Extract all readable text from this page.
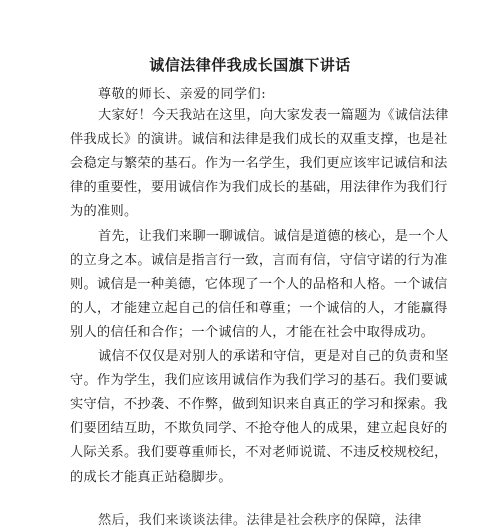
诚信法律伴我成长国旗下讲话
尊敬的师长、亲爱的同学们:
大家好！今天我站在这里，向大家发表一篇题为《诚信法律
伴我成长》的演讲。诚信和法律是我们成长的双重支撑，也是社
会稳定与繁荣的基石。作为一名学生，我们更应该牢记诚信和法
律的重要性，要用诚信作为我们成长的基础，用法律作为我们行
为的准则。
首先，让我们来聊一聊诚信。诚信是道德的核心，是一个人
的立身之本。诚信是指言行一致，言而有信，守信守诺的行为准
则。诚信是一种美德，它体现了一个人的品格和人格。一个诚信
的人，才能建立起自己的信任和尊重；一个诚信的人，才能赢得
别人的信任和合作；一个诚信的人，才能在社会中取得成功。
诚信不仅仅是对别人的承诺和守信，更是对自己的负责和坚
守。作为学生，我们应该用诚信作为我们学习的基石。我们要诚
实守信，不抄袭、不作弊，做到知识来自真正的学习和探索。我
们要团结互助，不欺负同学、不抢夺他人的成果，建立起良好的
人际关系。我们要尊重师长，不对老师说谎、不违反校规校纪，
的成长才能真正站稳脚步。
然后，我们来谈谈法律。法律是社会秩序的保障，法律
